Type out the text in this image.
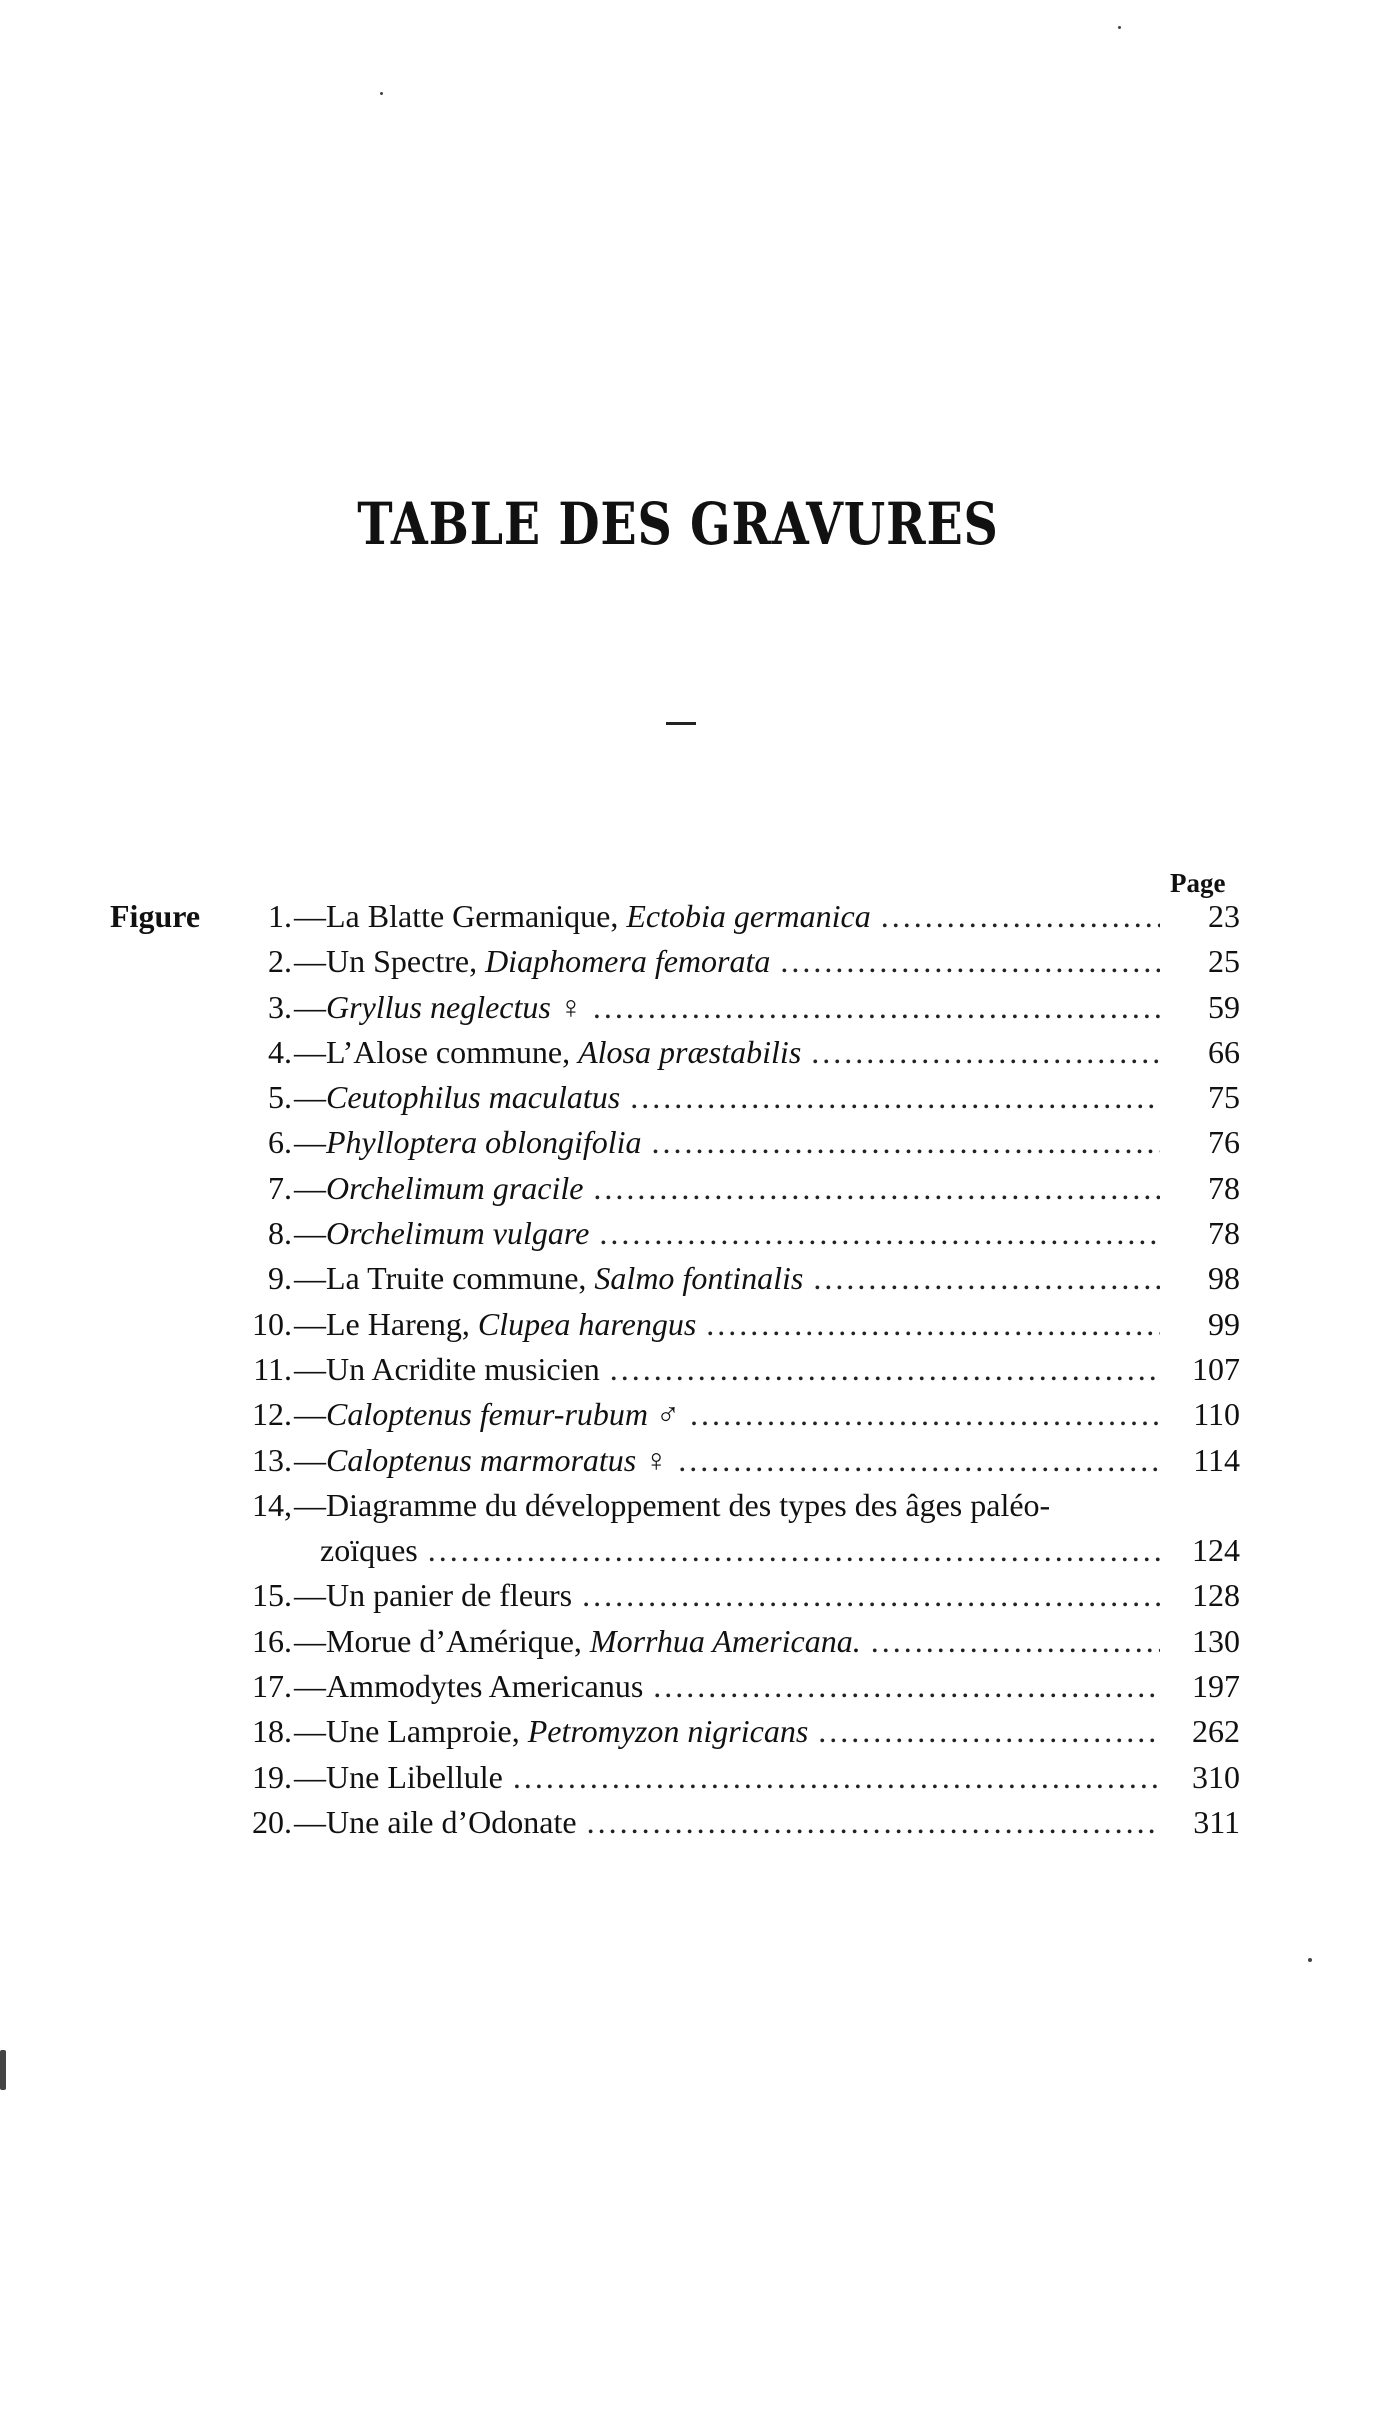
TABLE DES GRAVURES
Page
Figure	1. —La Blatte Germanique, Ectobia germanica .....	23
2. —Un Spectre, Diaphomera femorata .....	25
3. —Gryllus neglectus ♀ .....	59
4. —L’Alose commune, Alosa præstabilis .....	66
5. —Ceutophilus maculatus .....	75
6. —Phylloptera oblongifolia .....	76
7. —Orchelimum gracile .....	78
8. —Orchelimum vulgare .....	78
9. —La Truite commune, Salmo fontinalis .....	98
10. —Le Hareng, Clupea harengus .....	99
11. —Un Acridite musicien .....	107
12. —Caloptenus femur-rubum ♂ .....	110
13. —Caloptenus marmoratus ♀ .....	114
14, —Diagramme du développement des types des âges paléo-
zoïques .....	124
15. —Un panier de fleurs .....	128
16. —Morue d’Amérique, Morrhua Americana. .....	130
17. —Ammodytes Americanus .....	197
18. —Une Lamproie, Petromyzon nigricans .....	262
19. —Une Libellule .....	310
20. —Une aile d’Odonate .....	311
